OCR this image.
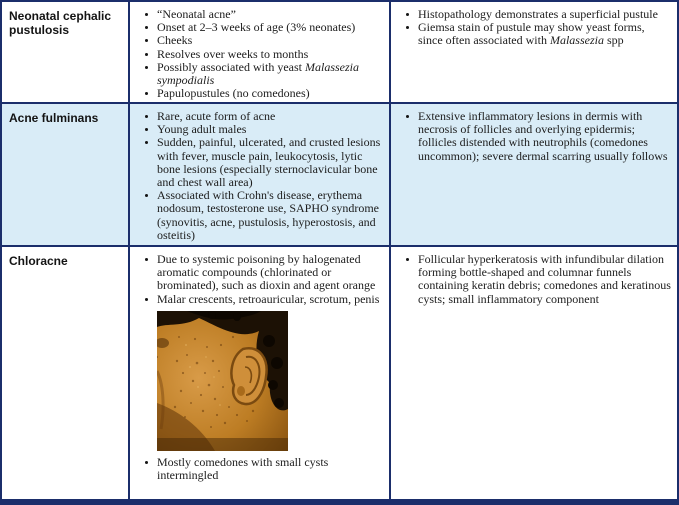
Neonatal cephalic pustulosis
“Neonatal acne”
Onset at 2–3 weeks of age (3% neonates)
Cheeks
Resolves over weeks to months
Possibly associated with yeast Malassezia sympodialis
Papulopustules (no comedones)
Histopathology demonstrates a superficial pustule
Giemsa stain of pustule may show yeast forms, since often associated with Malassezia spp
Acne fulminans	Rare, acute form of acne
Young adult males
Sudden, painful, ulcerated, and crusted lesions with fever, muscle pain, leukocytosis, lytic bone lesions (especially sternoclavicular bone and chest wall area)
Associated with Crohn's disease, erythema nodosum, testosterone use, SAPHO syndrome (synovitis, acne, pustulosis, hyperostosis, and osteitis)
Extensive inflammatory lesions in dermis with necrosis of follicles and overlying epidermis; follicles distended with neutrophils (comedones uncommon); severe dermal scarring usually follows
Chloracne	Due to systemic poisoning by halogenated aromatic compounds (chlorinated or brominated), such as dioxin and agent orange
Malar crescents, retroauricular, scrotum, penis
Mostly comedones with small cysts intermingled
Follicular hyperkeratosis with infundibular dilation forming bottle-shaped and columnar funnels containing keratin debris; comedones and keratinous cysts; small inflammatory component
